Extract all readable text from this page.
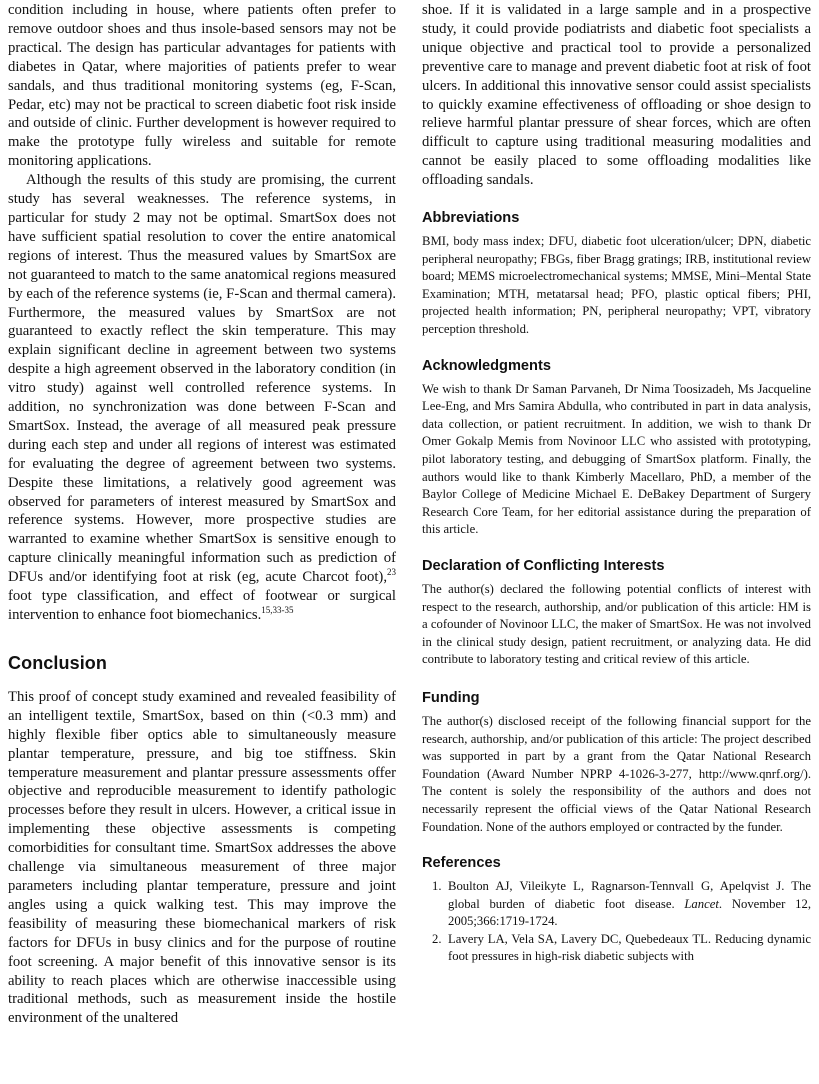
condition including in house, where patients often prefer to remove outdoor shoes and thus insole-based sensors may not be practical. The design has particular advantages for patients with diabetes in Qatar, where majorities of patients prefer to wear sandals, and thus traditional monitoring systems (eg, F-Scan, Pedar, etc) may not be practical to screen diabetic foot risk inside and outside of clinic. Further development is however required to make the prototype fully wireless and suitable for remote monitoring applications.

Although the results of this study are promising, the current study has several weaknesses. The reference systems, in particular for study 2 may not be optimal. SmartSox does not have sufficient spatial resolution to cover the entire anatomical regions of interest. Thus the measured values by SmartSox are not guaranteed to match to the same anatomical regions measured by each of the reference systems (ie, F-Scan and thermal camera). Furthermore, the measured values by SmartSox are not guaranteed to exactly reflect the skin temperature. This may explain significant decline in agreement between two systems despite a high agreement observed in the laboratory condition (in vitro study) against well controlled reference systems. In addition, no synchronization was done between F-Scan and SmartSox. Instead, the average of all measured peak pressure during each step and under all regions of interest was estimated for evaluating the degree of agreement between two systems. Despite these limitations, a relatively good agreement was observed for parameters of interest measured by SmartSox and reference systems. However, more prospective studies are warranted to examine whether SmartSox is sensitive enough to capture clinically meaningful information such as prediction of DFUs and/or identifying foot at risk (eg, acute Charcot foot),$^{23}$ foot type classification, and effect of footwear or surgical intervention to enhance foot biomechanics.$^{15,33-35}$

Conclusion

This proof of concept study examined and revealed feasibility of an intelligent textile, SmartSox, based on thin (<0.3 mm) and highly flexible fiber optics able to simultaneously measure plantar temperature, pressure, and big toe stiffness. Skin temperature measurement and plantar pressure assessments offer objective and reproducible measurement to identify pathologic processes before they result in ulcers. However, a critical issue in implementing these objective assessments is competing comorbidities for consultant time. SmartSox addresses the above challenge via simultaneous measurement of three major parameters including plantar temperature, pressure and joint angles using a quick walking test. This may improve the feasibility of measuring these biomechanical markers of risk factors for DFUs in busy clinics and for the purpose of routine foot screening. A major benefit of this innovative sensor is its ability to reach places which are otherwise inaccessible using traditional methods, such as measurement inside the hostile environment of the unaltered

shoe. If it is validated in a large sample and in a prospective study, it could provide podiatrists and diabetic foot specialists a unique objective and practical tool to provide a personalized preventive care to manage and prevent diabetic foot at risk of foot ulcers. In additional this innovative sensor could assist specialists to quickly examine effectiveness of offloading or shoe design to relieve harmful plantar pressure of shear forces, which are often difficult to capture using traditional measuring modalities and cannot be easily placed to some offloading modalities like offloading sandals.

Abbreviations

BMI, body mass index; DFU, diabetic foot ulceration/ulcer; DPN, diabetic peripheral neuropathy; FBGs, fiber Bragg gratings; IRB, institutional review board; MEMS microelectromechanical systems; MMSE, Mini–Mental State Examination; MTH, metatarsal head; PFO, plastic optical fibers; PHI, projected health information; PN, peripheral neuropathy; VPT, vibratory perception threshold.

Acknowledgments

We wish to thank Dr Saman Parvaneh, Dr Nima Toosizadeh, Ms Jacqueline Lee-Eng, and Mrs Samira Abdulla, who contributed in part in data analysis, data collection, or patient recruitment. In addition, we wish to thank Dr Omer Gokalp Memis from Novinoor LLC who assisted with prototyping, pilot laboratory testing, and debugging of SmartSox platform. Finally, the authors would like to thank Kimberly Macellaro, PhD, a member of the Baylor College of Medicine Michael E. DeBakey Department of Surgery Research Core Team, for her editorial assistance during the preparation of this article.

Declaration of Conflicting Interests

The author(s) declared the following potential conflicts of interest with respect to the research, authorship, and/or publication of this article: HM is a cofounder of Novinoor LLC, the maker of SmartSox. He was not involved in the clinical study design, patient recruitment, or analyzing data. He did contribute to laboratory testing and critical review of this article.

Funding

The author(s) disclosed receipt of the following financial support for the research, authorship, and/or publication of this article: The project described was supported in part by a grant from the Qatar National Research Foundation (Award Number NPRP 4-1026-3-277, http://www.qnrf.org/). The content is solely the responsibility of the authors and does not necessarily represent the official views of the Qatar National Research Foundation. None of the authors employed or contracted by the funder.

References
1. Boulton AJ, Vileikyte L, Ragnarson-Tennvall G, Apelqvist J. The global burden of diabetic foot disease. Lancet. November 12, 2005;366:1719-1724.
2. Lavery LA, Vela SA, Lavery DC, Quebedeaux TL. Reducing dynamic foot pressures in high-risk diabetic subjects with
